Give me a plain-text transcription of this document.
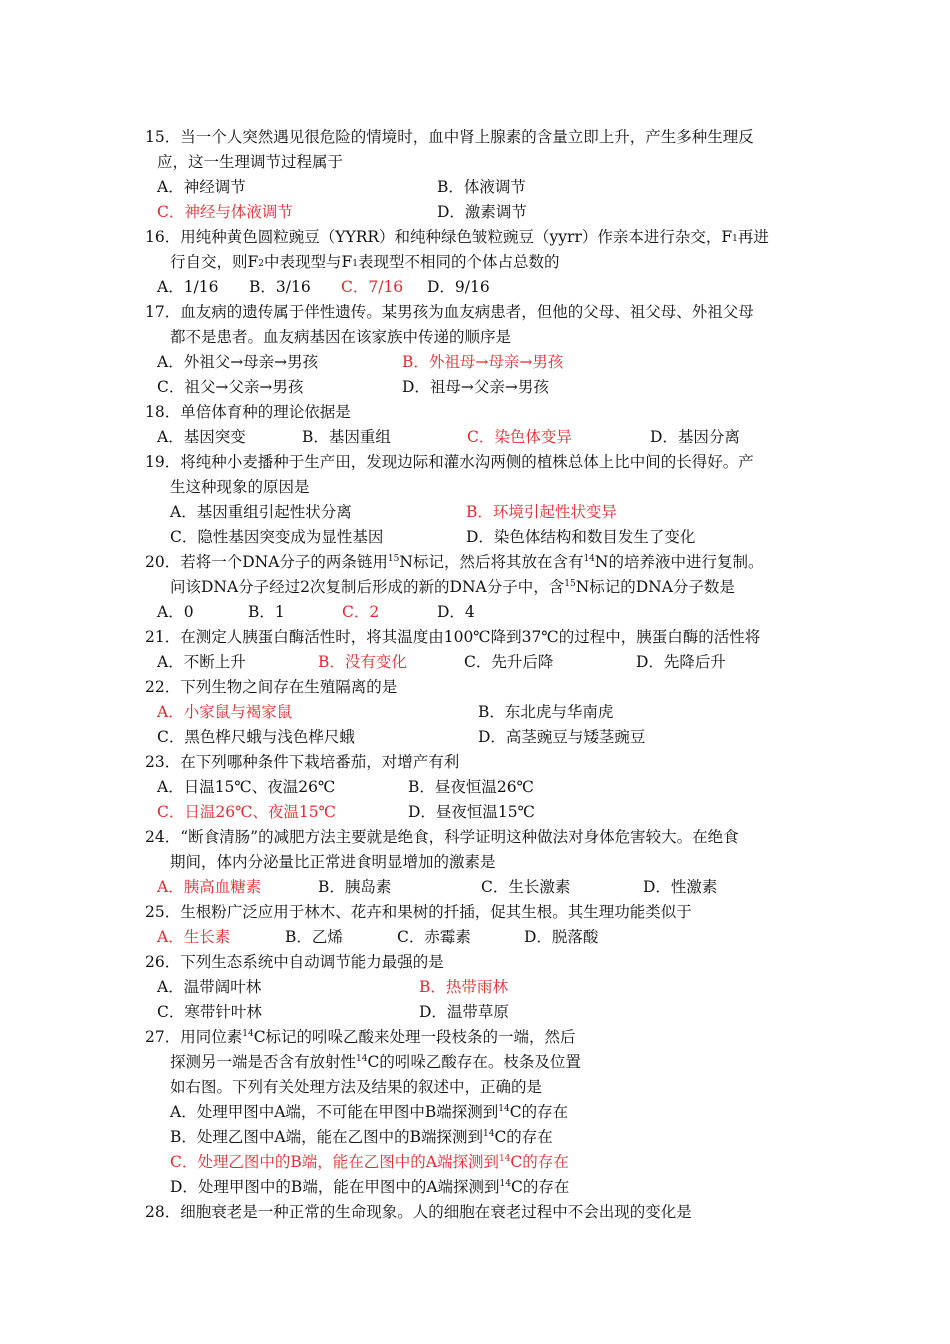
15．当一个人突然遇见很危险的情境时，血中肾上腺素的含量立即上升，产生多种生理反
应，这一生理调节过程属于
A．神经调节	B．体液调节
C．神经与体液调节	D．激素调节
16．用纯种黄色圆粒豌豆（YYRR）和纯种绿色皱粒豌豆（yyrr）作亲本进行杂交，$F_1$再进
行自交，则$F_2$中表现型与$F_1$表现型不相同的个体占总数的
A．1/16 B．3/16 C．7/16 D．9/16
17．血友病的遗传属于伴性遗传。某男孩为血友病患者，但他的父母、祖父母、外祖父母
都不是患者。血友病基因在该家族中传递的顺序是
A．外祖父→母亲→男孩	B．外祖母→母亲→男孩
C．祖父→父亲→男孩	D．祖母→父亲→男孩
18．单倍体育种的理论依据是
A．基因突变	B．基因重组	C．染色体变异	D．基因分离
19．将纯种小麦播种于生产田，发现边际和灌水沟两侧的植株总体上比中间的长得好。产
生这种现象的原因是
A．基因重组引起性状分离	B．环境引起性状变异
C．隐性基因突变成为显性基因	D．染色体结构和数目发生了变化
20．若将一个DNA分子的两条链用$^{15}$N标记，然后将其放在含有$^{14}$N的培养液中进行复制。
问该DNA分子经过2次复制后形成的新的DNA分子中，含$^{15}$N标记的DNA分子数是
A．0	B．1	C．2	D．4
21．在测定人胰蛋白酶活性时，将其温度由100℃降到37℃的过程中，胰蛋白酶的活性将
A．不断上升	B．没有变化	C．先升后降	D．先降后升
22．下列生物之间存在生殖隔离的是
A．小家鼠与褐家鼠	B．东北虎与华南虎
C．黑色桦尺蛾与浅色桦尺蛾	D．高茎豌豆与矮茎豌豆
23．在下列哪种条件下栽培番茄，对增产有利
A．日温15℃、夜温26℃	B．昼夜恒温26℃
C．日温26℃、夜温15℃	D．昼夜恒温15℃
24．“断食清肠”的减肥方法主要就是绝食，科学证明这种做法对身体危害较大。在绝食
期间，体内分泌量比正常进食明显增加的激素是
A．胰高血糖素	B．胰岛素	C．生长激素	D．性激素
25．生根粉广泛应用于林木、花卉和果树的扦插，促其生根。其生理功能类似于
A．生长素	B．乙烯	C．赤霉素	D．脱落酸
26．下列生态系统中自动调节能力最强的是
A．温带阔叶林	B．热带雨林
C．寒带针叶林	D．温带草原
27．用同位素$^{14}$C标记的吲哚乙酸来处理一段枝条的一端，然后
探测另一端是否含有放射性$^{14}$C的吲哚乙酸存在。枝条及位置
如右图。下列有关处理方法及结果的叙述中，正确的是
A．处理甲图中A端，不可能在甲图中B端探测到$^{14}$C的存在
B．处理乙图中A端，能在乙图中的B端探测到$^{14}$C的存在
C．处理乙图中的B端，能在乙图中的A端探测到$^{14}$C的存在
D．处理甲图中的B端，能在甲图中的A端探测到$^{14}$C的存在
28．细胞衰老是一种正常的生命现象。人的细胞在衰老过程中不会出现的变化是
